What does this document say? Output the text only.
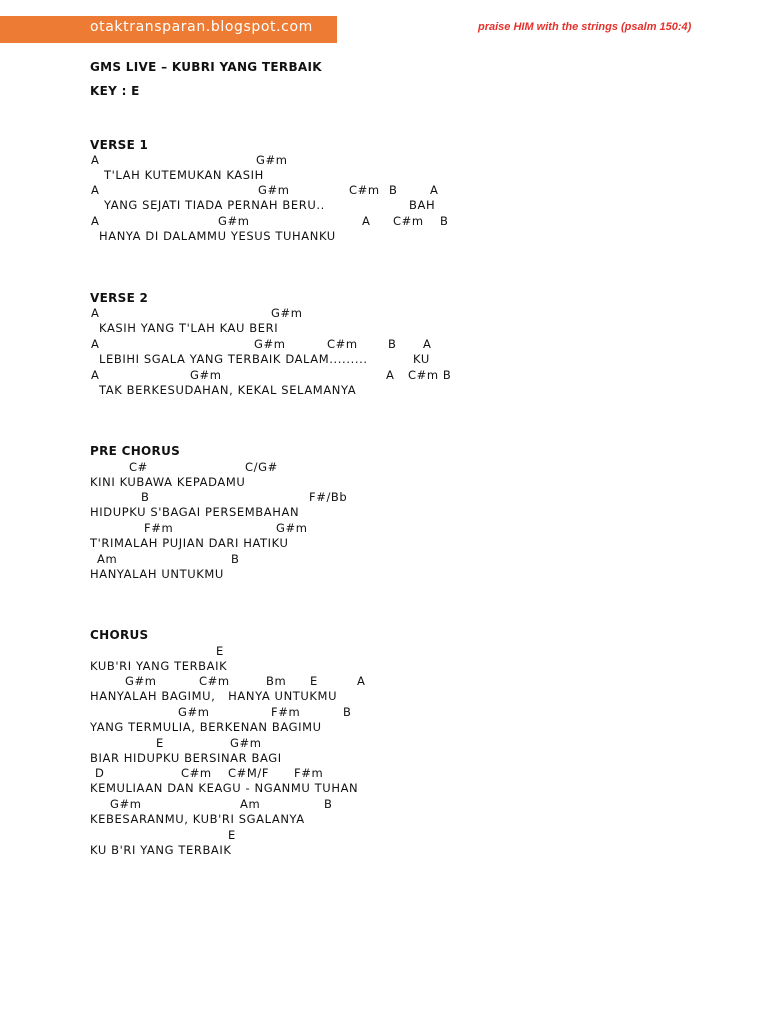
otaktransparan.blogspot.com	praise HIM with the strings (psalm 150:4)
GMS LIVE – KUBRI YANG TERBAIK
KEY : E
VERSE 1
A	G#m
T'LAH KUTEMUKAN KASIH
A	G#m	C#m B	A
YANG SEJATI TIADA PERNAH BERU..	BAH
A	G#m	A C#m B
HANYA DI DALAMMU YESUS TUHANKU
VERSE 2
A	G#m
KASIH YANG T'LAH KAU BERI
A	G#m	C#m	B A
LEBIHI SGALA YANG TERBAIK DALAM.........	KU
A	G#m	A C#m B
TAK BERKESUDAHAN, KEKAL SELAMANYA
PRE CHORUS
C#	C/G#
KINI KUBAWA KEPADAMU
B	F#/Bb
HIDUPKU S'BAGAI PERSEMBAHAN
F#m	G#m
T'RIMALAH PUJIAN DARI HATIKU
Am	B
HANYALAH UNTUKMU
CHORUS
E
KUB'RI YANG TERBAIK
G#m	C#m	Bm E	A
HANYALAH BAGIMU,   HANYA UNTUKMU
G#m	F#m	B
YANG TERMULIA, BERKENAN BAGIMU
E	G#m
BIAR HIDUPKU BERSINAR BAGI
D	C#m C#M/F F#m
KEMULIAAN DAN KEAGU - NGANMU TUHAN
G#m	Am	B
KEBESARANMU, KUB'RI SGALANYA
E
KU B'RI YANG TERBAIK
